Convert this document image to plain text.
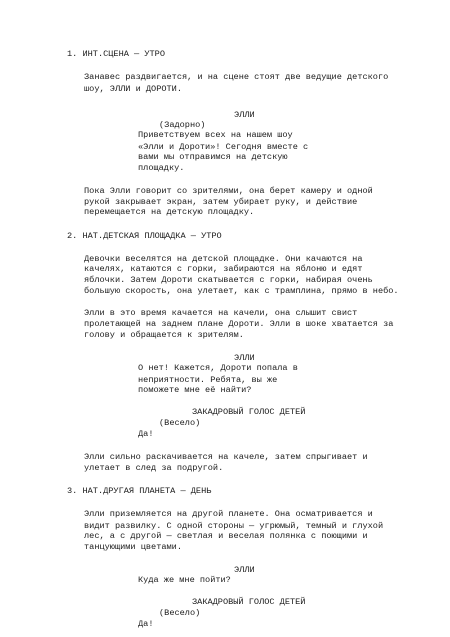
1. ИНТ.СЦЕНА — УТРО

Занавес раздвигается, и на сцене стоят две ведущие детского

шоу, ЭЛЛИ и ДОРОТИ.

ЭЛЛИ

(Задорно)

Приветствуем всех на нашем шоу

«Элли и Дороти»! Сегодня вместе с

вами мы отправимся на детскую

площадку.

Пока Элли говорит со зрителями, она берет камеру и одной

рукой закрывает экран, затем убирает руку, и действие

перемещается на детскую площадку.

2. НАТ.ДЕТСКАЯ ПЛОЩАДКА — УТРО

Девочки веселятся на детской площадке. Они качаются на

качелях, катаются с горки, забираются на яблоню и едят

яблочки. Затем Дороти скатывается с горки, набирая очень

большую скорость, она улетает, как с трамплина, прямо в небо.

Элли в это время качается на качели, она слышит свист

пролетающей на заднем плане Дороти. Элли в шоке хватается за

голову и обращается к зрителям.

ЭЛЛИ

О нет! Кажется, Дороти попала в

неприятности. Ребята, вы же

поможете мне её найти?

ЗАКАДРОВЫЙ ГОЛОС ДЕТЕЙ

(Весело)

Да!

Элли сильно раскачивается на качеле, затем спрыгивает и

улетает в след за подругой.

3. НАТ.ДРУГАЯ ПЛАНЕТА — ДЕНЬ

Элли приземляется на другой планете. Она осматривается и

видит развилку. С одной стороны — угрюмый, темный и глухой

лес, а с другой — светлая и веселая полянка с поющими и

танцующими цветами.

ЭЛЛИ

Куда же мне пойти?

ЗАКАДРОВЫЙ ГОЛОС ДЕТЕЙ

(Весело)

Да!
